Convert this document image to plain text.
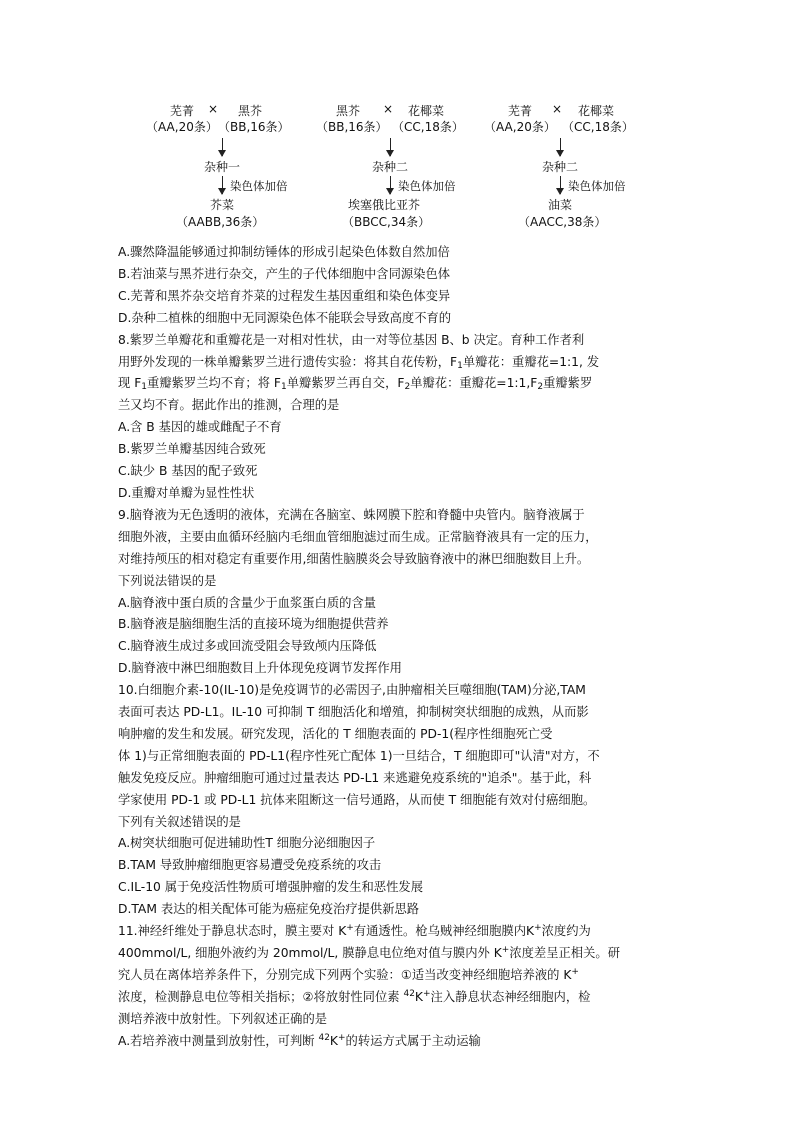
芜菁 × 黑芥
（AA,20条） （BB,16条）
杂种一
染色体加倍
芥菜
（AABB,36条）
黑芥 × 花椰菜
（BB,16条） （CC,18条）
杂种二
染色体加倍
埃塞俄比亚芥
（BBCC,34条）
芜菁 × 花椰菜
（AA,20条） （CC,18条）
杂种二
染色体加倍
油菜
（AACC,38条）
A.骤然降温能够通过抑制纺锤体的形成引起染色体数自然加倍
B.若油菜与黑芥进行杂交，产生的子代体细胞中含同源染色体
C.芜菁和黑芥杂交培育芥菜的过程发生基因重组和染色体变异
D.杂种二植株的细胞中无同源染色体不能联会导致高度不育的
8.紫罗兰单瓣花和重瓣花是一对相对性状，由一对等位基因 B、b 决定。育种工作者利
用野外发现的一株单瓣紫罗兰进行遗传实验：将其自花传粉，$F_1$单瓣花：重瓣花=1:1, 发
现 $F_1$重瓣紫罗兰均不育；将 $F_1$单瓣紫罗兰再自交，$F_2$单瓣花：重瓣花$=1:1,F_2$重瓣紫罗
兰又均不育。据此作出的推测，合理的是
A.含 B 基因的雄或雌配子不育
B.紫罗兰单瓣基因纯合致死
C.缺少 B 基因的配子致死
D.重瓣对单瓣为显性性状
9.脑脊液为无色透明的液体，充满在各脑室、蛛网膜下腔和脊髓中央管内。脑脊液属于
细胞外液，主要由血循环经脑内毛细血管细胞滤过而生成。正常脑脊液具有一定的压力，
对维持颅压的相对稳定有重要作用,细菌性脑膜炎会导致脑脊液中的淋巴细胞数目上升。
下列说法错误的是
A.脑脊液中蛋白质的含量少于血浆蛋白质的含量
B.脑脊液是脑细胞生活的直接环境为细胞提供营养
C.脑脊液生成过多或回流受阻会导致颅内压降低
D.脑脊液中淋巴细胞数目上升体现免疫调节发挥作用
10.白细胞介素-10(IL-10)是免疫调节的必需因子,由肿瘤相关巨噬细胞(TAM)分泌,TAM
表面可表达 PD-L1。IL-10 可抑制 T 细胞活化和增殖，抑制树突状细胞的成熟，从而影
响肿瘤的发生和发展。研究发现，活化的 T 细胞表面的 PD-1(程序性细胞死亡受
体 1)与正常细胞表面的 PD-L1(程序性死亡配体 1)一旦结合，T 细胞即可"认清"对方，不
触发免疫反应。肿瘤细胞可通过过量表达 PD-L1 来逃避免疫系统的"追杀"。基于此，科
学家使用 PD-1 或 PD-L1 抗体来阻断这一信号通路，从而使 T 细胞能有效对付癌细胞。
下列有关叙述错误的是
A.树突状细胞可促进辅助性T 细胞分泌细胞因子
B.TAM 导致肿瘤细胞更容易遭受免疫系统的攻击
C.IL-10 属于免疫活性物质可增强肿瘤的发生和恶性发展
D.TAM 表达的相关配体可能为癌症免疫治疗提供新思路
11.神经纤维处于静息状态时，膜主要对 K+有通透性。枪乌贼神经细胞膜内K+浓度约为
400mmol/L, 细胞外液约为 20mmol/L, 膜静息电位绝对值与膜内外 K+浓度差呈正相关。研
究人员在离体培养条件下，分别完成下列两个实验：①适当改变神经细胞培养液的 K+
浓度，检测静息电位等相关指标；②将放射性同位素 $^{42}$K+注入静息状态神经细胞内，检
测培养液中放射性。下列叙述正确的是
A.若培养液中测量到放射性，可判断 $^{42}$K+的转运方式属于主动运输
